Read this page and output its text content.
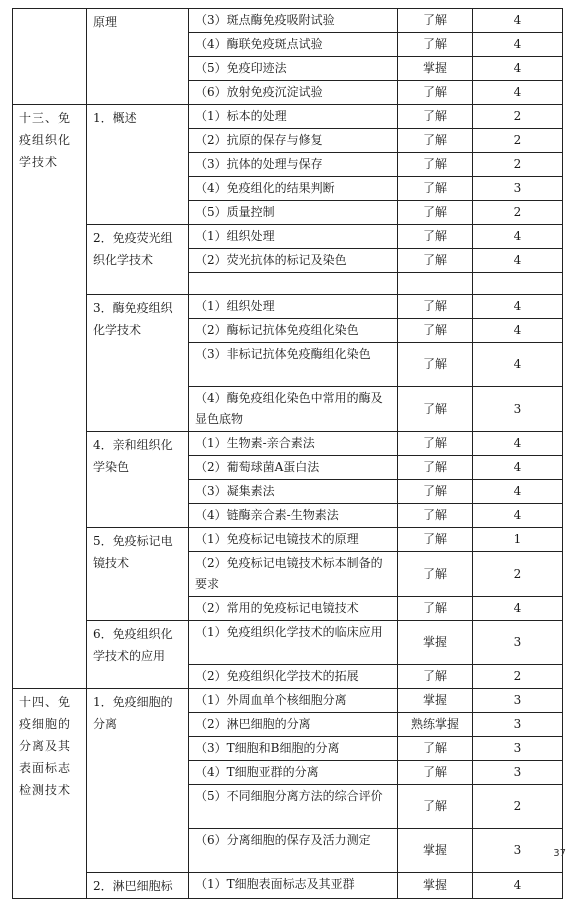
	原理	（3）斑点酶免疫吸附试验	了解	4
		（4）酶联免疫斑点试验	了解	4
		（5）免疫印迹法	掌握	4
		（6）放射免疫沉淀试验	了解	4
十三、免疫组织化学技术	1．概述	（1）标本的处理	了解	2
		（2）抗原的保存与修复	了解	2
		（3）抗体的处理与保存	了解	2
		（4）免疫组化的结果判断	了解	3
		（5）质量控制	了解	2
	2．免疫荧光组织化学技术	（1）组织处理	了解	4
		（2）荧光抗体的标记及染色	了解	4

	3．酶免疫组织化学技术	（1）组织处理	了解	4
		（2）酶标记抗体免疫组化染色	了解	4
		（3）非标记抗体免疫酶组化染色	了解	4
		（4）酶免疫组化染色中常用的酶及显色底物	了解	3
	4．亲和组织化学染色	（1）生物素-亲合素法	了解	4
		（2）葡萄球菌A蛋白法	了解	4
		（3）凝集素法	了解	4
		（4）链酶亲合素-生物素法	了解	4
	5．免疫标记电镜技术	（1）免疫标记电镜技术的原理	了解	1
		（2）免疫标记电镜技术标本制备的要求	了解	2
		（2）常用的免疫标记电镜技术	了解	4
	6．免疫组织化学技术的应用	（1）免疫组织化学技术的临床应用	掌握	3
		（2）免疫组织化学技术的拓展	了解	2
十四、免疫细胞的分离及其表面标志检测技术	1．免疫细胞的分离	（1）外周血单个核细胞分离	掌握	3
		（2）淋巴细胞的分离	熟练掌握	3
		（3）T细胞和B细胞的分离	了解	3
		（4）T细胞亚群的分离	了解	3
		（5）不同细胞分离方法的综合评价	了解	2
		（6）分离细胞的保存及活力测定	掌握	3
	2．淋巴细胞标	（1）T细胞表面标志及其亚群	掌握	4
37
